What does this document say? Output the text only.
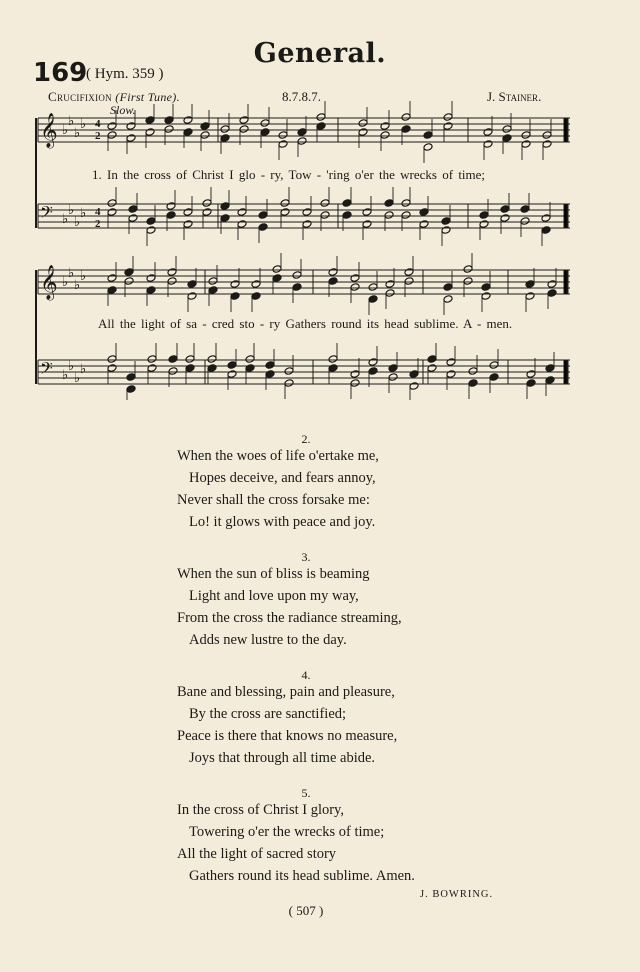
General.
169
( Hym. 359 )
Crucifixion (First Tune).	8.7.8.7.	J. Stainer.
Slow.
𝄞 ♭
♭
♭
♭
𝄢 ♭
♭
♭
♭
𝄞 ♭
♭
♭
♭
𝄢 ♭
♭
♭
♭
4
2
4
2
1. In the cross of Christ I glo - ry, Tow - 'ring o'er the wrecks of time;
All the light of sa - cred sto - ry Gathers round its head sublime. A - men.
2.
When the woes of life o'ertake me,
Hopes deceive, and fears annoy,
Never shall the cross forsake me:
Lo! it glows with peace and joy.
3.
When the sun of bliss is beaming
Light and love upon my way,
From the cross the radiance streaming,
Adds new lustre to the day.
4.
Bane and blessing, pain and pleasure,
By the cross are sanctified;
Peace is there that knows no measure,
Joys that through all time abide.
5.
In the cross of Christ I glory,
Towering o'er the wrecks of time;
All the light of sacred story
Gathers round its head sublime. Amen.
J. BOWRING.
( 507 )
